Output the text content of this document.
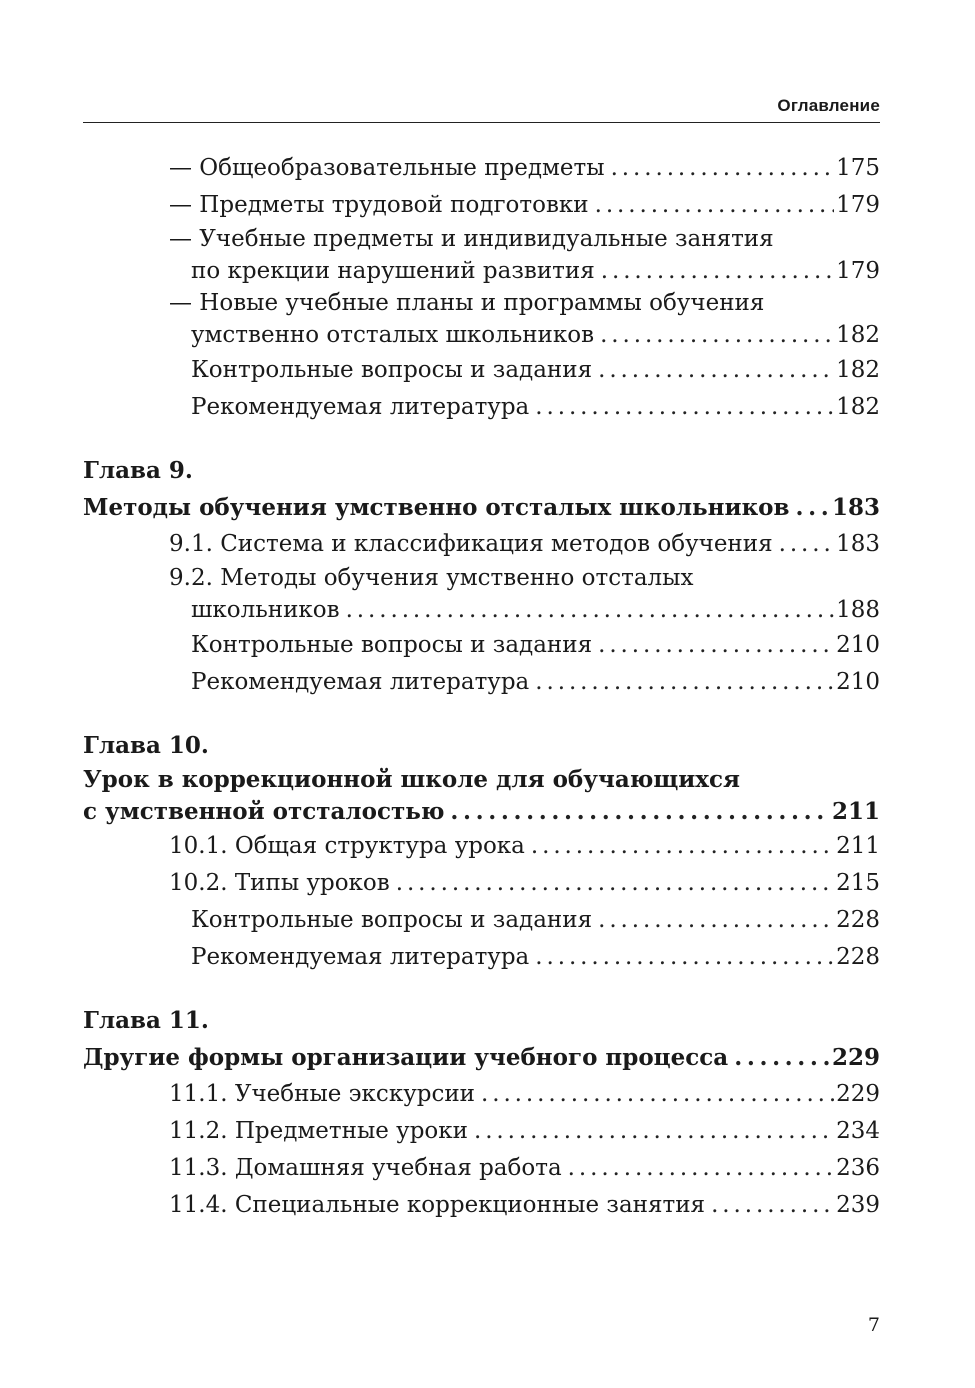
Оглавление
— Общеобразовательные предметы . . .	175
— Предметы трудовой подготовки . . .	179
— Учебные предметы и индивидуальные занятия
по крекции нарушений развития . . .	179
— Новые учебные планы и программы обучения
умственно отсталых школьников . . .	182
Контрольные вопросы и задания . . .	182
Рекомендуемая литература . . .	182
Глава 9.
Методы обучения умственно отсталых школьников . . . 183
9.1. Система и классификация методов обучения . . .	183
9.2. Методы обучения умственно отсталых
школьников . . .	188
Контрольные вопросы и задания . . .	210
Рекомендуемая литература . . .	210
Глава 10.
Урок в коррекционной школе для обучающихся
с умственной отсталостью . . .	211
10.1. Общая структура урока . . .	211
10.2. Типы уроков . . .	215
Контрольные вопросы и задания . . .	228
Рекомендуемая литература . . .	228
Глава 11.
Другие формы организации учебного процесса . . .	229
11.1. Учебные экскурсии . . .	229
11.2. Предметные уроки . . .	234
11.3. Домашняя учебная работа . . .	236
11.4. Специальные коррекционные занятия . . .	239
7
